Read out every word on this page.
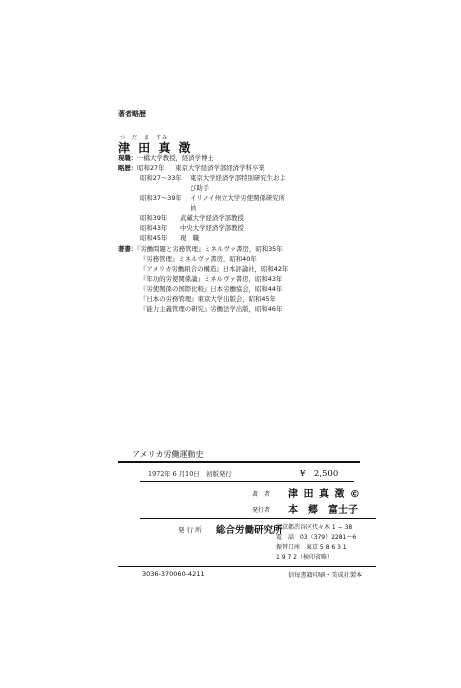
著者略歴
つ　だ　ま　すみ
津 田 真 澂
現職：一橋大学教授，経済学博士
略歴：昭和27年 東京大学経済学部経済学科卒業
昭和27〜33年 東京大学経済学部特別研究生およ
び助手
昭和37〜39年 イリノイ州立大学労使関係研究所
員
昭和39年 武蔵大学経済学部教授
昭和43年 中央大学経済学部教授
昭和45年 現　職
著書：『労働問題と労務管理』ミネルヴァ書房，昭和35年
『労務管理』ミネルヴァ書房，昭和40年
『アメリカ労働組合の構造』日本評論社，昭和42年
『年功的労使関係論』ミネルヴァ書房，昭和43年
『労使関係の国際比較』日本労働協会，昭和44年
『日本の労務管理』東京大学出版会，昭和45年
『能力主義管理の研究』労働法学出版，昭和46年
アメリカ労働運動史
1972年 6 月10日　初版発行	¥　2,500
著　者 津 田 真 澂 ©
発行者 本　郷　富士子
発 行 所 総合労働研究所
東京都渋谷区代々木 1 − 38
電　話　03（379）2281〜6
振替口座　東京 5 8 6 3 1
1 9 7 2（検印省略）
3036-370060-4211	信毎書籍印刷・美成社製本
